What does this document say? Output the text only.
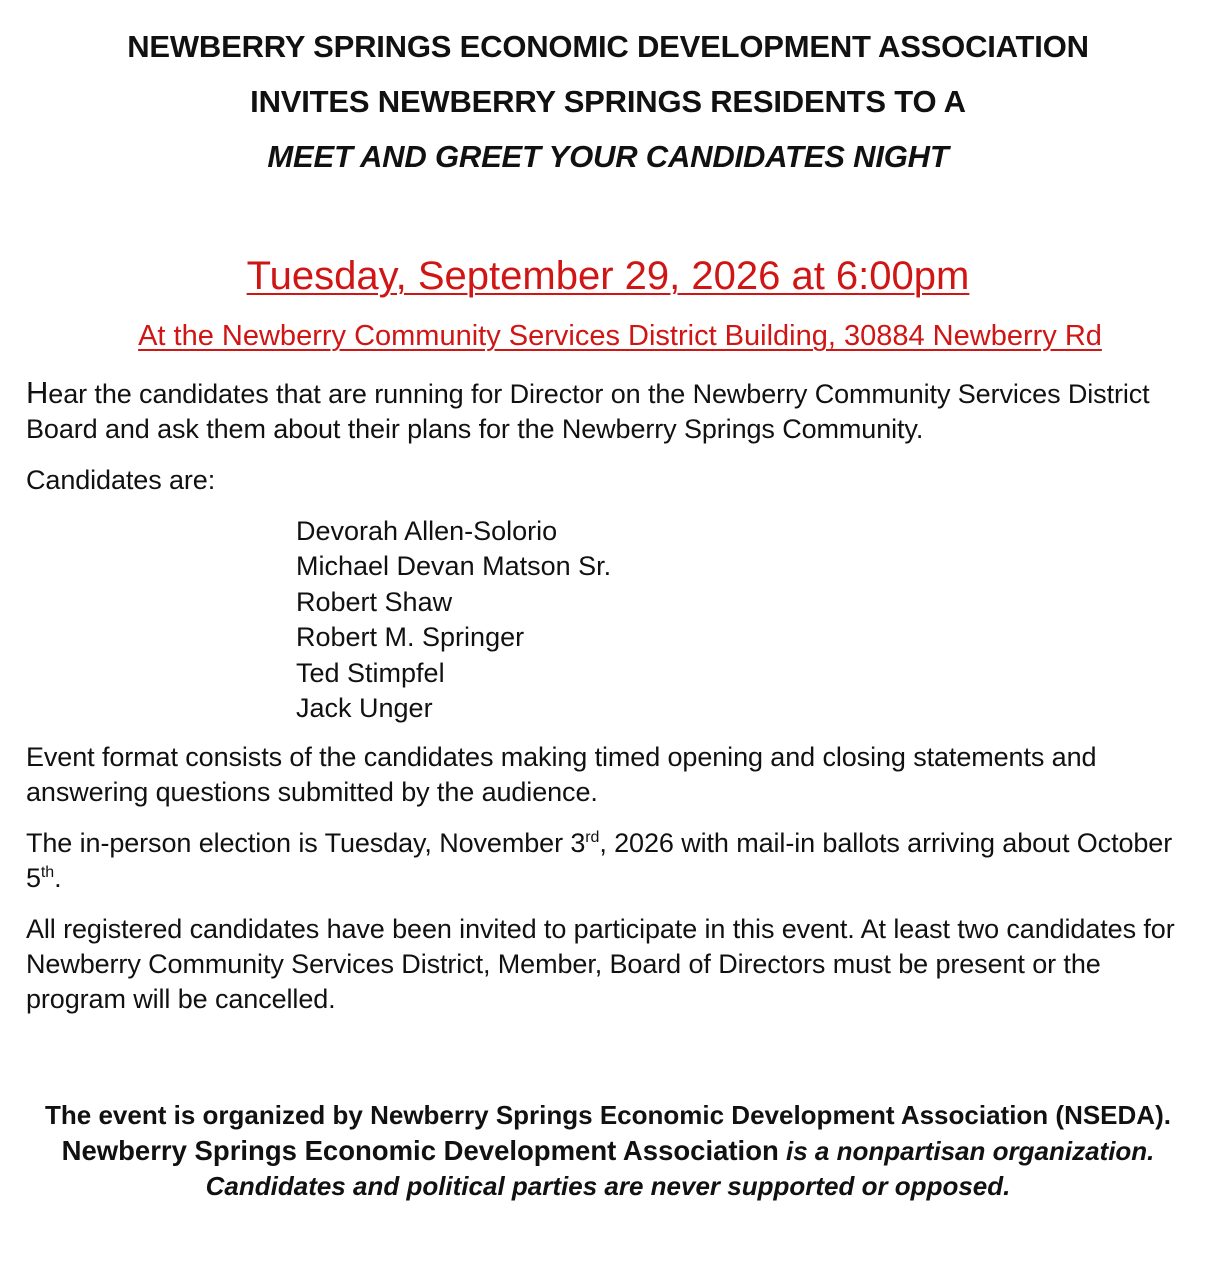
NEWBERRY SPRINGS ECONOMIC DEVELOPMENT ASSOCIATION
INVITES NEWBERRY SPRINGS RESIDENTS TO A
MEET AND GREET YOUR CANDIDATES NIGHT
Tuesday, September 29, 2026 at 6:00pm
At the Newberry Community Services District Building, 30884 Newberry Rd
Hear the candidates that are running for Director on the Newberry Community Services District Board and ask them about their plans for the Newberry Springs Community.
Candidates are:
Devorah Allen-Solorio
Michael Devan Matson Sr.
Robert Shaw
Robert M. Springer
Ted Stimpfel
Jack Unger
Event format consists of the candidates making timed opening and closing statements and answering questions submitted by the audience.
The in-person election is Tuesday, November 3rd, 2026 with mail-in ballots arriving about October 5th.
All registered candidates have been invited to participate in this event. At least two candidates for Newberry Community Services District, Member, Board of Directors must be present or the program will be cancelled.
The event is organized by Newberry Springs Economic Development Association (NSEDA). Newberry Springs Economic Development Association is a nonpartisan organization. Candidates and political parties are never supported or opposed.
